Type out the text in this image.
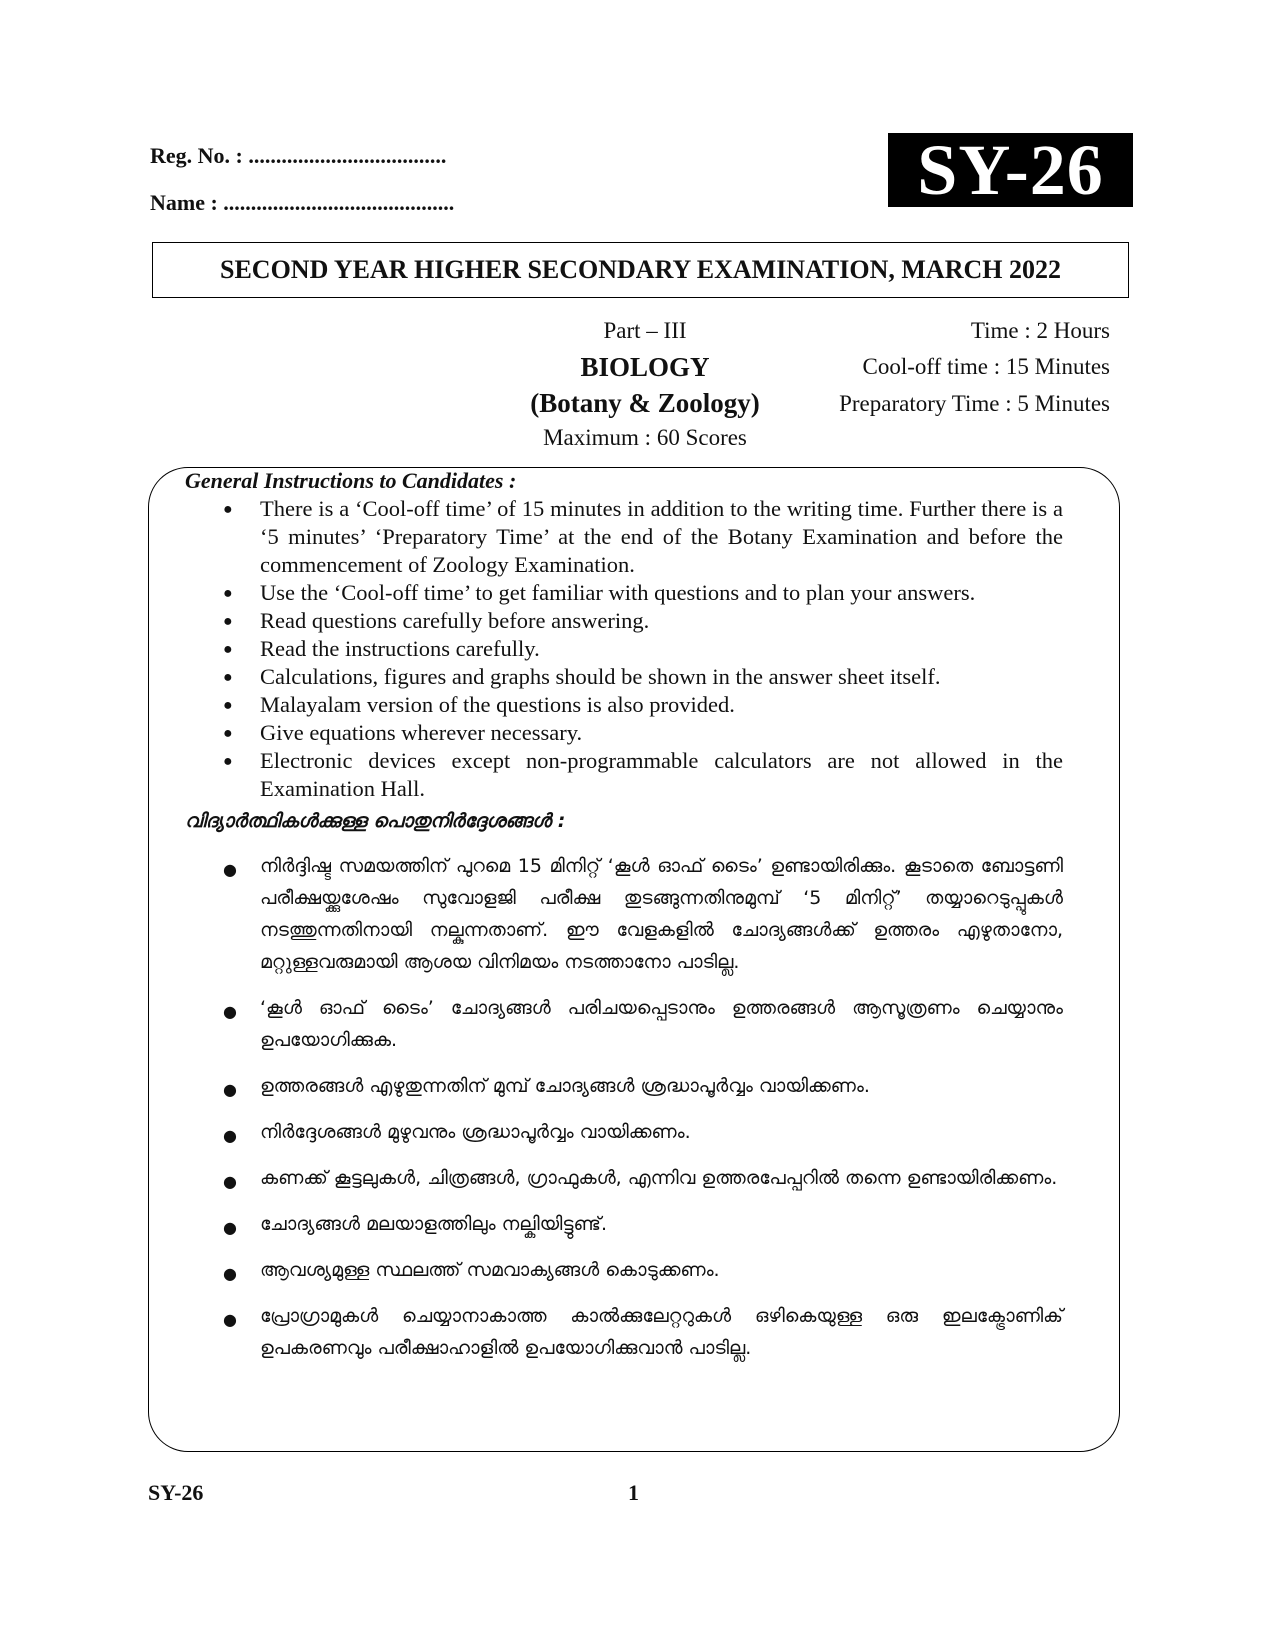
Reg. No. : ....................................
Name : ..........................................	SY-26
SECOND YEAR HIGHER SECONDARY EXAMINATION, MARCH 2022
Part – III
BIOLOGY
(Botany & Zoology)
Maximum : 60 Scores
Time : 2 Hours
Cool-off time : 15 Minutes
Preparatory Time : 5 Minutes
General Instructions to Candidates :
● There is a ‘Cool-off time’ of 15 minutes in addition to the writing time. Further there is a ‘5 minutes’ ‘Preparatory Time’ at the end of the Botany Examination and before the commencement of Zoology Examination.
● Use the ‘Cool-off time’ to get familiar with questions and to plan your answers.
● Read questions carefully before answering.
● Read the instructions carefully.
● Calculations, figures and graphs should be shown in the answer sheet itself.
● Malayalam version of the questions is also provided.
● Give equations wherever necessary.
● Electronic devices except non-programmable calculators are not allowed in the Examination Hall.
വിദ്യാർത്ഥികൾക്കുള്ള പൊതുനിർദ്ദേശങ്ങൾ :
● നിർദ്ദിഷ്ട സമയത്തിന് പുറമെ 15 മിനിറ്റ് ‘കൂൾ ഓഫ് ടൈം’ ഉണ്ടായിരിക്കും. കൂടാതെ ബോട്ടണി പരീക്ഷയ്ക്കുശേഷം സുവോളജി പരീക്ഷ തുടങ്ങുന്നതിനുമുമ്പ് ‘5 മിനിറ്റ്’ തയ്യാറെടുപ്പുകൾ നടത്തുന്നതിനായി നല്കുന്നതാണ്. ഈ വേളകളിൽ ചോദ്യങ്ങൾക്ക് ഉത്തരം എഴുതാനോ, മറ്റുള്ളവരുമായി ആശയ വിനിമയം നടത്താനോ പാടില്ല.
● ‘കൂൾ ഓഫ് ടൈം’ ചോദ്യങ്ങൾ പരിചയപ്പെടാനും ഉത്തരങ്ങൾ ആസൂത്രണം ചെയ്യാനും ഉപയോഗിക്കുക.
● ഉത്തരങ്ങൾ എഴുതുന്നതിന് മുമ്പ് ചോദ്യങ്ങൾ ശ്രദ്ധാപൂർവ്വം വായിക്കണം.
● നിർദ്ദേശങ്ങൾ മുഴുവനും ശ്രദ്ധാപൂർവ്വം വായിക്കണം.
● കണക്ക് കൂട്ടലുകൾ, ചിത്രങ്ങൾ, ഗ്രാഫുകൾ, എന്നിവ ഉത്തരപേപ്പറിൽ തന്നെ ഉണ്ടായിരിക്കണം.
● ചോദ്യങ്ങൾ മലയാളത്തിലും നല്കിയിട്ടുണ്ട്.
● ആവശ്യമുള്ള സ്ഥലത്ത് സമവാക്യങ്ങൾ കൊടുക്കണം.
● പ്രോഗ്രാമുകൾ ചെയ്യാനാകാത്ത കാൽക്കുലേറ്ററുകൾ ഒഴികെയുള്ള ഒരു ഇലക്ട്രോണിക് ഉപകരണവും പരീക്ഷാഹാളിൽ ഉപയോഗിക്കുവാൻ പാടില്ല.
SY-26	1
